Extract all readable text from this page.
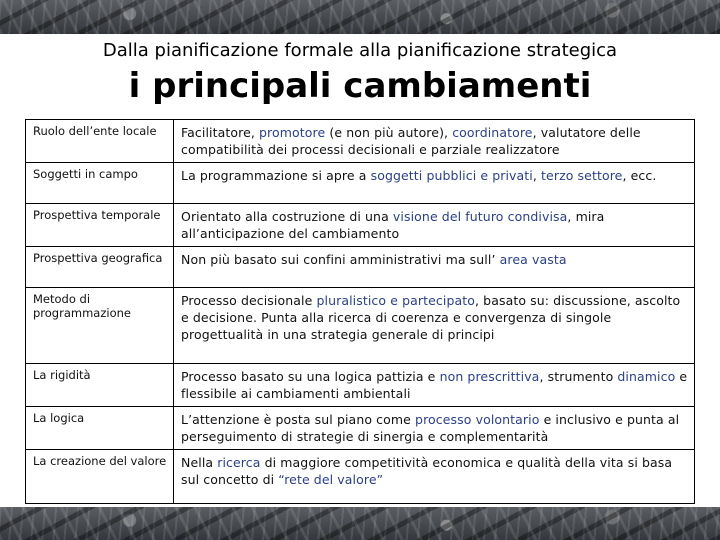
Dalla pianificazione formale alla pianificazione strategica
i principali cambiamenti
Ruolo dell’ente locale	Facilitatore, promotore (e non più autore), coordinatore, valutatore delle compatibilità dei processi decisionali e parziale realizzatore
Soggetti in campo	La programmazione si apre a soggetti pubblici e privati, terzo settore, ecc.
Prospettiva temporale	Orientato alla costruzione di una visione del futuro condivisa, mira all’anticipazione del cambiamento
Prospettiva geografica	Non più basato sui confini amministrativi ma sull’ area vasta
Metodo di programmazione	Processo decisionale pluralistico e partecipato, basato su: discussione, ascolto e decisione. Punta alla ricerca di coerenza e convergenza di singole progettualità in una strategia generale di principi
La rigidità	Processo basato su una logica pattizia e non prescrittiva, strumento dinamico e flessibile ai cambiamenti ambientali
La logica	L’attenzione è posta sul piano come processo volontario e inclusivo e punta al perseguimento di strategie di sinergia e complementarità
La creazione del valore	Nella ricerca di maggiore competitività economica e qualità della vita si basa sul concetto di “rete del valore”
